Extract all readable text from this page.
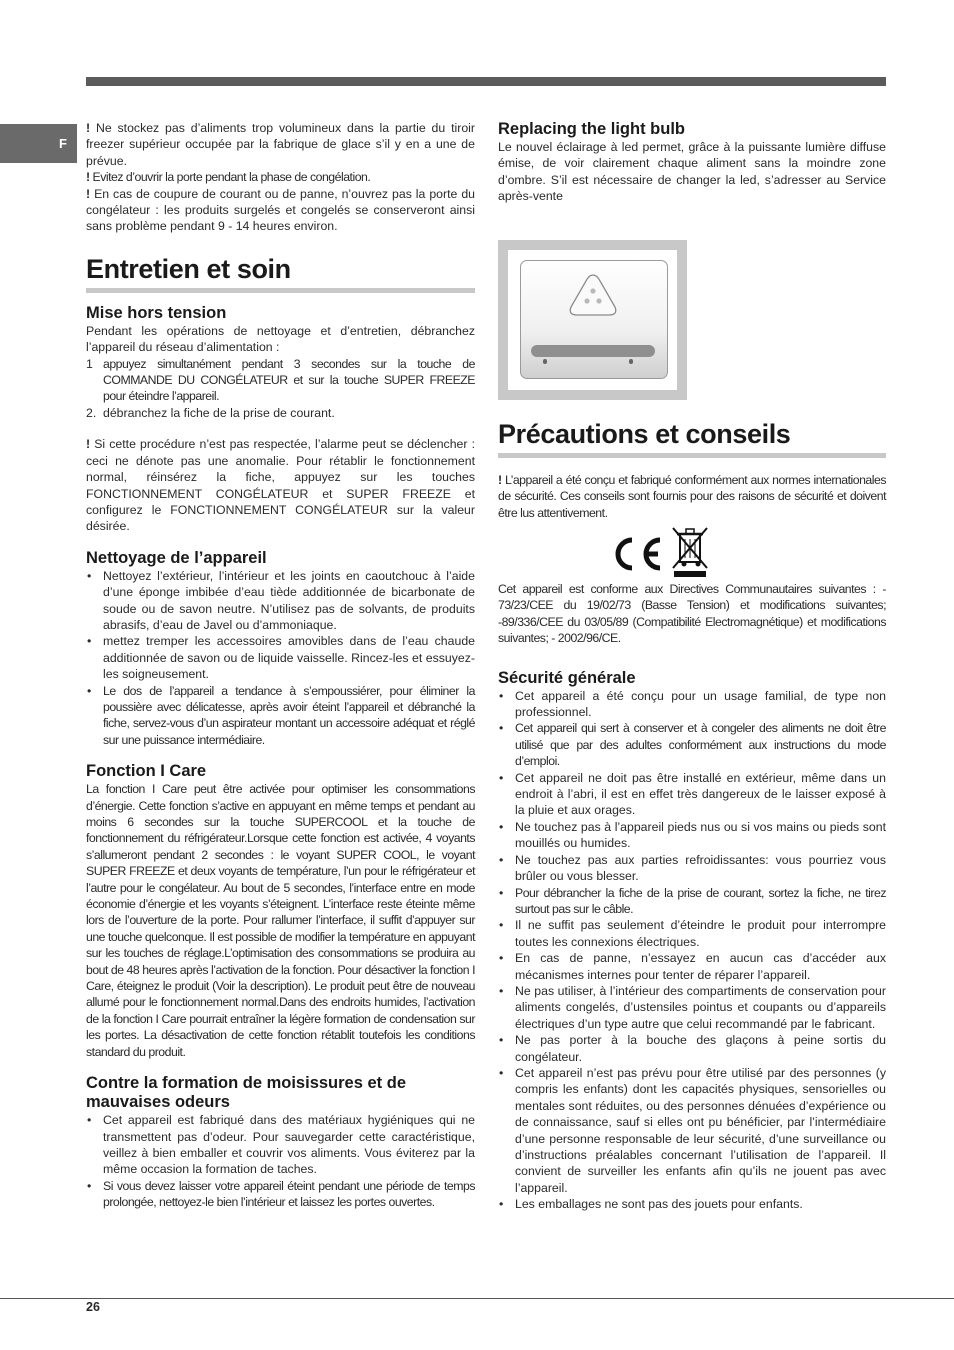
F

! Ne stockez pas d’aliments trop volumineux dans la partie du tiroir freezer supérieur occupée par la fabrique de glace s’il y en a une de prévue.

! Evitez d’ouvrir la porte pendant la phase de congélation.

! En cas de coupure de courant ou de panne, n’ouvrez pas la porte du congélateur : les produits surgelés et congelés se conserveront ainsi sans problème pendant 9 - 14 heures environ.

Entretien et soin
Mise hors tension

Pendant les opérations de nettoyage et d’entretien, débranchez l’appareil du réseau d’alimentation :

1 appuyez simultanément pendant 3 secondes sur la touche de COMMANDE DU CONGÉLATEUR et sur la touche SUPER FREEZE pour éteindre l’appareil.
2. débranchez la fiche de la prise de courant.

! Si cette procédure n’est pas respectée, l’alarme peut se déclencher : ceci ne dénote pas une anomalie. Pour rétablir le fonctionnement normal, réinsérez la fiche, appuyez sur les touches FONCTIONNEMENT CONGÉLATEUR et SUPER FREEZE et configurez le FONCTIONNEMENT CONGÉLATEUR sur la valeur désirée.

Nettoyage de l’appareil
• Nettoyez l’extérieur, l’intérieur et les joints en caoutchouc à l’aide d’une éponge imbibée d’eau tiède additionnée de bicarbonate de soude ou de savon neutre. N’utilisez pas de solvants, de produits abrasifs, d’eau de Javel ou d’ammoniaque.
• mettez tremper les accessoires amovibles dans de l’eau chaude additionnée de savon ou de liquide vaisselle. Rincez-les et essuyez-les soigneusement.
• Le dos de l’appareil a tendance à s’empoussiérer, pour éliminer la poussière avec délicatesse, après avoir éteint l’appareil et débranché la fiche, servez-vous d’un aspirateur montant un accessoire adéquat et réglé sur une puissance intermédiaire.
Fonction I Care

La fonction I Care peut être activée pour optimiser les consommations d’énergie. Cette fonction s’active en appuyant en même temps et pendant au moins 6 secondes sur la touche SUPERCOOL et la touche de fonctionnement du réfrigérateur.Lorsque cette fonction est activée, 4 voyants s’allumeront pendant 2 secondes : le voyant SUPER COOL, le voyant SUPER FREEZE et deux voyants de température, l’un pour le réfrigérateur et l’autre pour le congélateur. Au bout de 5 secondes, l’interface entre en mode économie d’énergie et les voyants s’éteignent. L’interface reste éteinte même lors de l’ouverture de la porte. Pour rallumer l’interface, il suffit d’appuyer sur une touche quelconque. Il est possible de modifier la température en appuyant sur les touches de réglage.L’optimisation des consommations se produira au bout de 48 heures après l’activation de la fonction. Pour désactiver la fonction I Care, éteignez le produit (Voir la description). Le produit peut être de nouveau allumé pour le fonctionnement normal.Dans des endroits humides, l’activation de la fonction I Care pourrait entraîner la légère formation de condensation sur les portes. La désactivation de cette fonction rétablit toutefois les conditions standard du produit.

Contre la formation de moisissures et de mauvaises odeurs
• Cet appareil est fabriqué dans des matériaux hygiéniques qui ne transmettent pas d’odeur. Pour sauvegarder cette caractéristique, veillez à bien emballer et couvrir vos aliments. Vous éviterez par la même occasion la formation de taches.
• Si vous devez laisser votre appareil éteint pendant une période de temps prolongée, nettoyez-le bien l’intérieur et laissez les portes ouvertes.
Replacing the light bulb

Le nouvel éclairage à led permet, grâce à la puissante lumière diffuse émise, de voir clairement chaque aliment sans la moindre zone d’ombre. S’il est nécessaire de changer la led, s’adresser au Service après-vente

Précautions et conseils

! L’appareil a été conçu et fabriqué conformément aux normes internationales de sécurité. Ces conseils sont fournis pour des raisons de sécurité et doivent être lus attentivement.

Cet appareil est conforme aux Directives Communautaires suivantes : - 73/23/CEE du 19/02/73 (Basse Tension) et modifications suivantes; -89/336/CEE du 03/05/89 (Compatibilité Electromagnétique) et modifications suivantes; - 2002/96/CE.

Sécurité générale
• Cet appareil a été conçu pour un usage familial, de type non professionnel.
• Cet appareil qui sert à conserver et à congeler des aliments ne doit être utilisé que par des adultes conformément aux instructions du mode d’emploi.
• Cet appareil ne doit pas être installé en extérieur, même dans un endroit à l’abri, il est en effet très dangereux de le laisser exposé à la pluie et aux orages.
• Ne touchez pas à l’appareil pieds nus ou si vos mains ou pieds sont mouillés ou humides.
• Ne touchez pas aux parties refroidissantes: vous pourriez vous brûler ou vous blesser.
• Pour débrancher la fiche de la prise de courant, sortez la fiche, ne tirez surtout pas sur le câble.
• Il ne suffit pas seulement d’éteindre le produit pour interrompre toutes les connexions électriques.
• En cas de panne, n’essayez en aucun cas d’accéder aux mécanismes internes pour tenter de réparer l’appareil.
• Ne pas utiliser, à l’intérieur des compartiments de conservation pour aliments congelés, d’ustensiles pointus et coupants ou d’appareils électriques d’un type autre que celui recommandé par le fabricant.
• Ne pas porter à la bouche des glaçons à peine sortis du congélateur.
• Cet appareil n’est pas prévu pour être utilisé par des personnes (y compris les enfants) dont les capacités physiques, sensorielles ou mentales sont réduites, ou des personnes dénuées d’expérience ou de connaissance, sauf si elles ont pu bénéficier, par l’intermédiaire d’une personne responsable de leur sécurité, d’une surveillance ou d’instructions préalables concernant l’utilisation de l’appareil. Il convient de surveiller les enfants afin qu’ils ne jouent pas avec l’appareil.
• Les emballages ne sont pas des jouets pour enfants.
26
